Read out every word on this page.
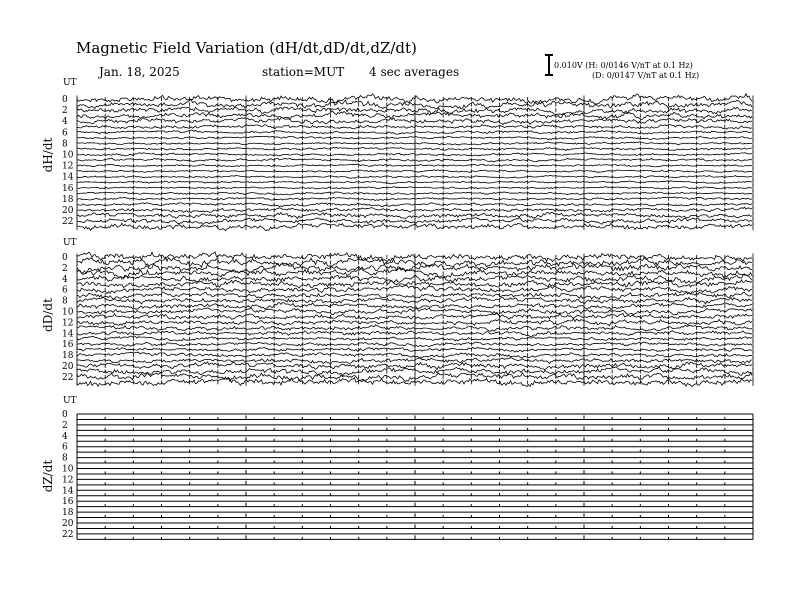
Magnetic Field Variation (dH/dt,dD/dt,dZ/dt)
Jan. 18, 2025	station=MUT 4 sec averages	0.010V (H: 0/0146 V/nT at 0.1 Hz)
(D: 0/0147 V/nT at 0.1 Hz)
UT
dH/dt
0
2
4
6
8
10
12
14
16
18
20
22
UT
dD/dt
0
2
4
6
8
10
12
14
16
18
20
22
UT
dZ/dt
0
2
4
6
8
10
12
14
16
18
20
22
